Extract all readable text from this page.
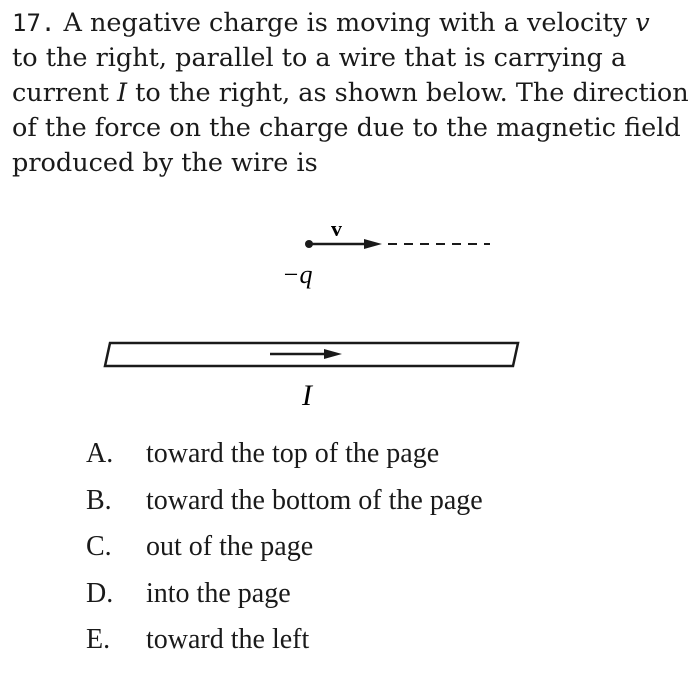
17. A negative charge is moving with a velocity v
to the right, parallel to a wire that is carrying a
current I to the right, as shown below. The direction
of the force on the charge due to the magnetic field
produced by the wire is
v
−q
I
A.	toward the top of the page
B.	toward the bottom of the page
C.	out of the page
D.	into the page
E.	toward the left
